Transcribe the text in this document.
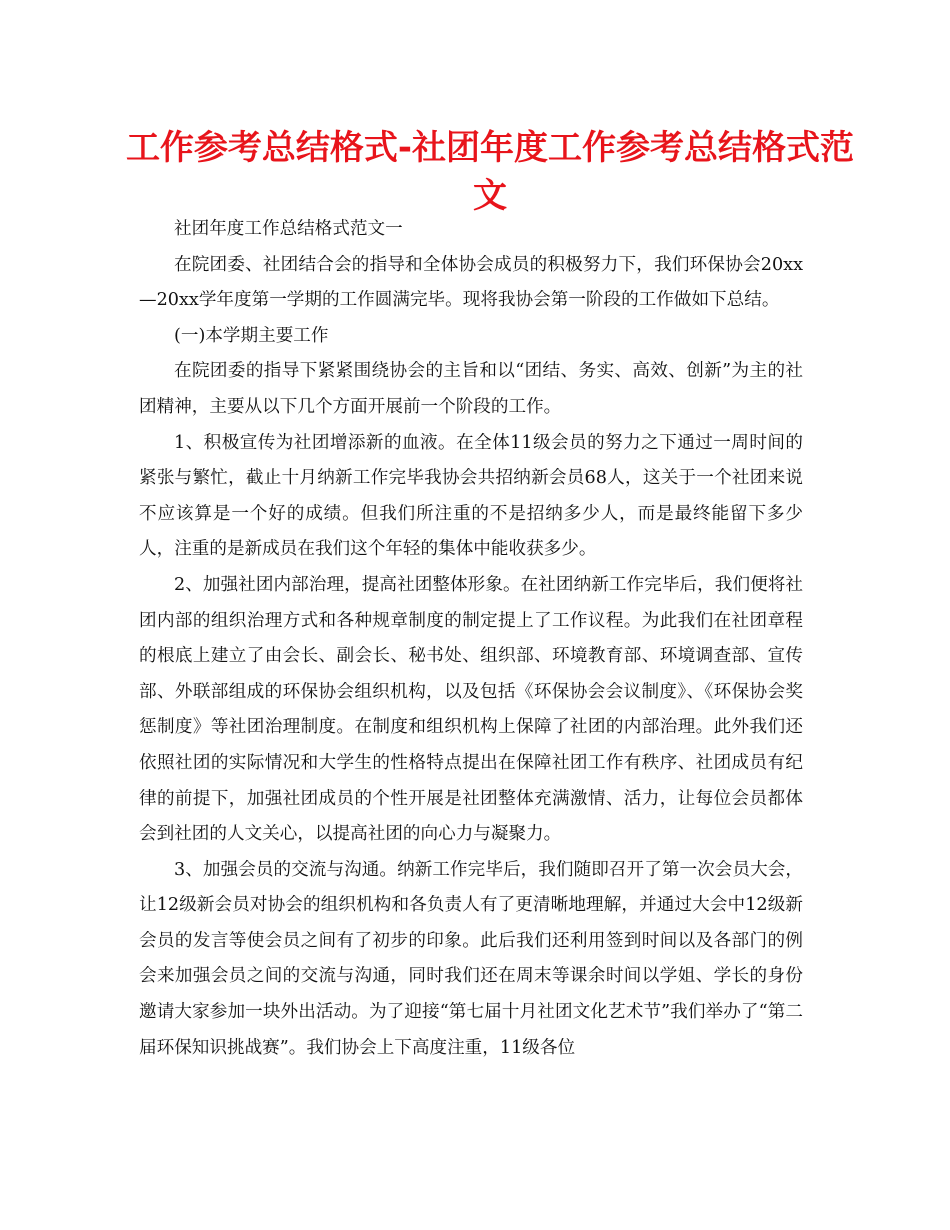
工作参考总结格式-社团年度工作参考总结格式范文

社团年度工作总结格式范文一

在院团委、社团结合会的指导和全体协会成员的积极努力下，我们环保协会20xx—20xx学年度第一学期的工作圆满完毕。现将我协会第一阶段的工作做如下总结。

(一)本学期主要工作

在院团委的指导下紧紧围绕协会的主旨和以“团结、务实、高效、创新”为主的社团精神，主要从以下几个方面开展前一个阶段的工作。

1、积极宣传为社团增添新的血液。在全体11级会员的努力之下通过一周时间的紧张与繁忙，截止十月纳新工作完毕我协会共招纳新会员68人，这关于一个社团来说不应该算是一个好的成绩。但我们所注重的不是招纳多少人，而是最终能留下多少人，注重的是新成员在我们这个年轻的集体中能收获多少。

2、加强社团内部治理，提高社团整体形象。在社团纳新工作完毕后，我们便将社团内部的组织治理方式和各种规章制度的制定提上了工作议程。为此我们在社团章程的根底上建立了由会长、副会长、秘书处、组织部、环境教育部、环境调查部、宣传部、外联部组成的环保协会组织机构，以及包括《环保协会会议制度》、《环保协会奖惩制度》等社团治理制度。在制度和组织机构上保障了社团的内部治理。此外我们还依照社团的实际情况和大学生的性格特点提出在保障社团工作有秩序、社团成员有纪律的前提下，加强社团成员的个性开展是社团整体充满激情、活力，让每位会员都体会到社团的人文关心，以提高社团的向心力与凝聚力。

3、加强会员的交流与沟通。纳新工作完毕后，我们随即召开了第一次会员大会，让12级新会员对协会的组织机构和各负责人有了更清晰地理解，并通过大会中12级新会员的发言等使会员之间有了初步的印象。此后我们还利用签到时间以及各部门的例会来加强会员之间的交流与沟通，同时我们还在周末等课余时间以学姐、学长的身份邀请大家参加一块外出活动。为了迎接“第七届十月社团文化艺术节”我们举办了“第二届环保知识挑战赛”。我们协会上下高度注重，11级各位
